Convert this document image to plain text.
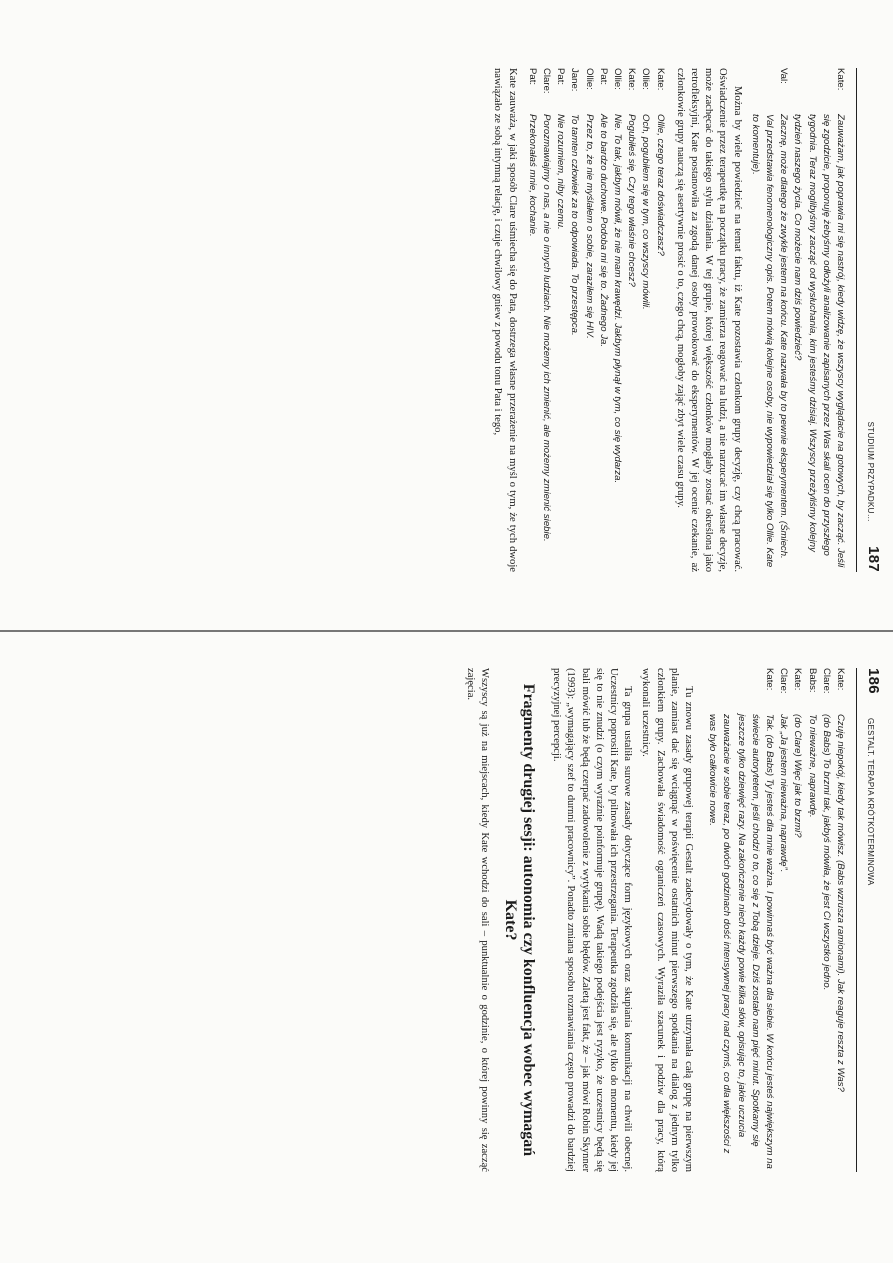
STUDIUM PRZYPADKU…
187
Kate:
Zauważam, jak poprawia mi się nastrój, kiedy widzę, że wszyscy wyglądacie na gotowych, by zacząć. Jeśli się zgodzicie, proponuję żebyśmy odłożyli analizowanie zapisanych przez Was skali ocen do przyszłego tygodnia. Teraz moglibyśmy zacząć od wysłuchania, kim jesteśmy dzisiaj. Wszyscy przeżyliśmy kolejny tydzień naszego życia. Co możecie nam dziś powiedzieć?
Val:
Zacznę, może dlatego że zwykle jestem na końcu. Kate nazwała by to pewnie eksperymentem. (Śmiech. Val przedstawia fenomenologiczny opis. Potem mówią kolejne osoby, nie wypowiedział się tylko Ollie. Kate to komentuje).

Można by wiele powiedzieć na temat faktu, iż Kate pozostawia członkom grupy decyzję, czy chcą pracować. Oświadczenie przez terapeutkę na początku pracy, że zamierza reagować na ludzi, a nie narzucać im własne decyzje, może zachęcać do takiego stylu działania. W tej grupie, której większość członków mogłaby zostać określona jako retrofleksyjni, Kate postanowiła za zgodą danej osoby prowokować do eksperymentów. W jej ocenie czekanie, aż członkowie grupy nauczą się asertywnie prosić o to, czego chcą, mogłoby zająć zbyt wiele czasu grupy.

Kate:
Ollie, czego teraz doświadczasz?
Ollie:
Och, pogubiłem się w tym, co wszyscy mówili.
Kate:
Pogubiłeś się. Czy tego właśnie chcesz?
Ollie:
Nie. To tak, jakbym mówił, że nie mam krawędzi. Jakbym płynął w tym, co się wydarza.
Pat:
Ale to bardzo duchowe. Podoba mi się to. Żadnego Ja.
Ollie:
Przez to, że nie myślałem o sobie, zaraziłem się HIV.
Jane:
To tamten człowiek za to odpowiada. To przestępca.
Pat:
Nie rozumiem, niby czemu.
Clare:
Porozmawiajmy o nas, a nie o innych ludziach. Nie możemy ich zmienić, ale możemy zmienić siebie.
Pat:
Przekonałaś mnie, kochanie.

Kate zauważa, w jaki sposób Clare uśmiecha się do Pata, dostrzega własne przerażenie na myśl o tym, że tych dwoje nawiązało ze sobą intymną relację, i czuje chwilowy gniew z powodu tonu Pata i tego,

186
GESTALT. TERAPIA KRÓTKOTERMINOWA
Kate:
Czuję niepokój, kiedy tak mówisz. (Babs wzrusza ramionami). Jak reaguje reszta z Was?
Clare:
(do Babs) To brzmi tak, jakbyś mówiła, że jest Ci wszystko jedno.
Babs:
To nieważne, naprawdę.
Kate:
(do Clare) Więc jak to brzmi?
Clare:
Jak „Ja jestem nieważna, naprawdę”.
Kate:
Tak. (do Babs) Ty jesteś dla mnie ważna. I powinnaś być ważna dla siebie. W końcu jesteś największym na świecie autorytetem, jeśli chodzi o to, co się z Tobą dzieje. Dziś zostało nam pięć minut. Spotkamy się jeszcze tylko dziewięć razy. Na zakończenie niech każdy powie kilka słów, opisując to, jakie uczucia zauważacie w sobie teraz, po dwóch godzinach dość intensywnej pracy nad czymś, co dla większości z was było całkowicie nowe.

Tu znowu zasady grupowej terapii Gestalt zadecydowały o tym, że Kate utrzymała całą grupę na pierwszym planie, zamiast dać się wciągnąć w poświęcenie ostatnich minut pierwszego spotkania na dialog z jednym tylko członkiem grupy. Zachowała świadomość ograniczeń czasowych. Wyraziła szacunek i podziw dla pracy, którą wykonali uczestnicy.

Ta grupa ustaliła surowe zasady dotyczące form językowych oraz skupiania komunikacji na chwili obecnej. Uczestnicy poprosili Kate, by pilnowała ich przestrzegania. Terapeutka zgodziła się, ale tylko do momentu, kiedy jej się to nie znudzi (o czym wyraźnie poinformuje grupę). Wadą takiego podejścia jest ryzyko, że uczestnicy będą się bali mówić lub że będą czerpać zadowolenie z wytykania sobie błędów. Zaletą jest fakt, że – jak mówi Robin Skynner (1993): „wymagający szef to durnni pracownicy”. Ponadto zmiana sposobu rozmawiania często prowadzi do bardziej precyzyjnej percepcji.

Fragmenty drugiej sesji: autonomia czy konfluencja wobec wymagań Kate?

Wszyscy są już na miejscach, kiedy Kate wchodzi do sali – punktualnie o godzinie, o której powinny się zacząć zajęcia.
